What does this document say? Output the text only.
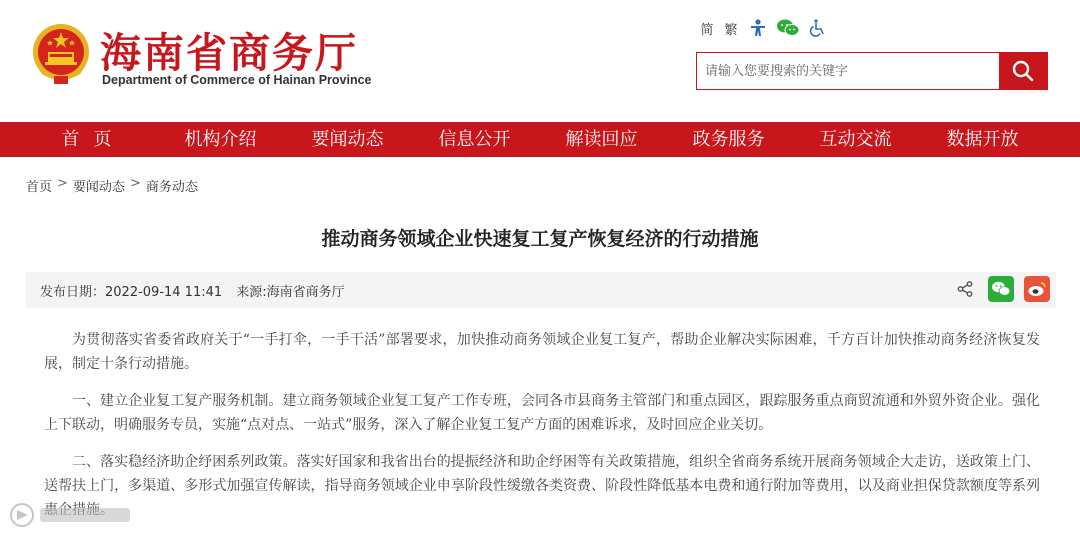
海南省商务厅
Department of Commerce of Hainan Province
简 繁
请输入您要搜索的关键字
首页	机构介绍	要闻动态	信息公开	解读回应	政务服务	互动交流	数据开放
首页 > 要闻动态 > 商务动态
推动商务领域企业快速复工复产恢复经济的行动措施
发布日期：2022-09-14 11:41 来源:海南省商务厅

为贯彻落实省委省政府关于“一手打伞，一手干活”部署要求，加快推动商务领域企业复工复产，帮助企业解决实际困难，千方百计加快推动商务经济恢复发展，制定十条行动措施。

一、建立企业复工复产服务机制。建立商务领域企业复工复产工作专班，会同各市县商务主管部门和重点园区，跟踪服务重点商贸流通和外贸外资企业。强化上下联动，明确服务专员，实施“点对点、一站式”服务，深入了解企业复工复产方面的困难诉求，及时回应企业关切。

二、落实稳经济助企纾困系列政策。落实好国家和我省出台的提振经济和助企纾困等有关政策措施，组织全省商务系统开展商务领域企大走访，送政策上门、送帮扶上门，多渠道、多形式加强宣传解读，指导商务领域企业申享阶段性缓缴各类资费、阶段性降低基本电费和通行附加等费用，以及商业担保贷款额度等系列
